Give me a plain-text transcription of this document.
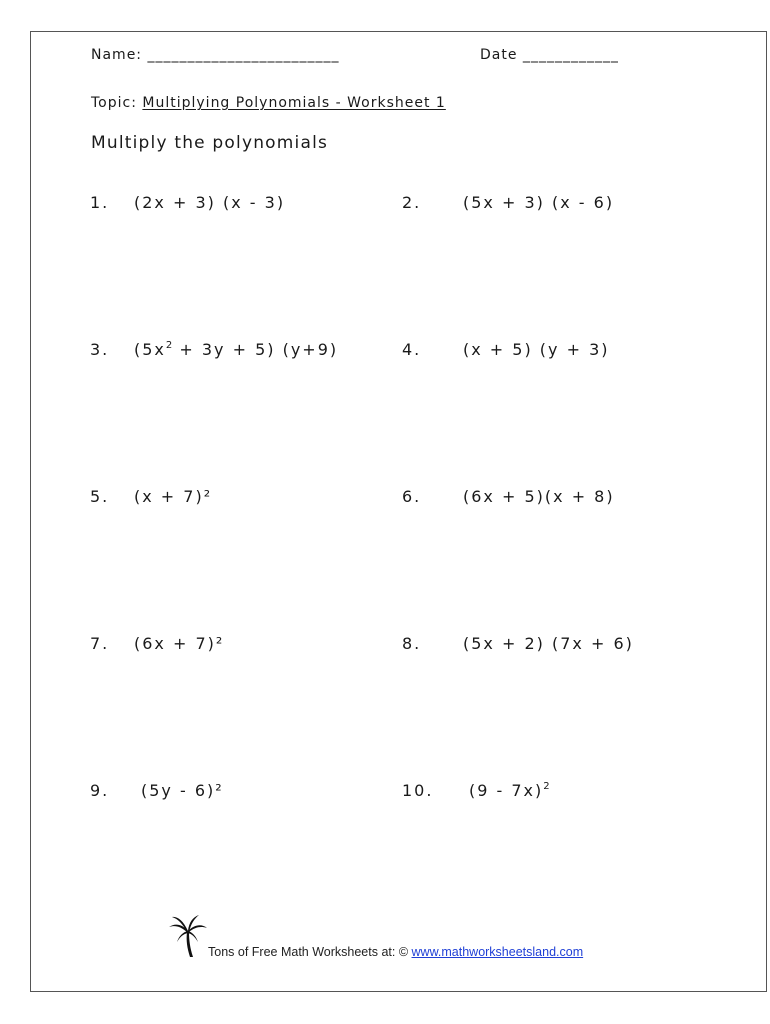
Name: ________________________	Date ____________
Topic: Multiplying Polynomials - Worksheet 1
Multiply the polynomials
1. (2x + 3) (x - 3)	2.	(5x + 3) (x - 6)
3. $(5x^2 + 3y + 5)$ (y+9)	4.	(x + 5) (y + 3)
5. (x + 7)²	6.	(6x + 5)(x + 8)
7. (6x + 7)²	8.	(5x + 2) (7x + 6)
9. (5y - 6)²	10. (9 - 7x)$^2$
Tons of Free Math Worksheets at: © www.mathworksheetsland.com
